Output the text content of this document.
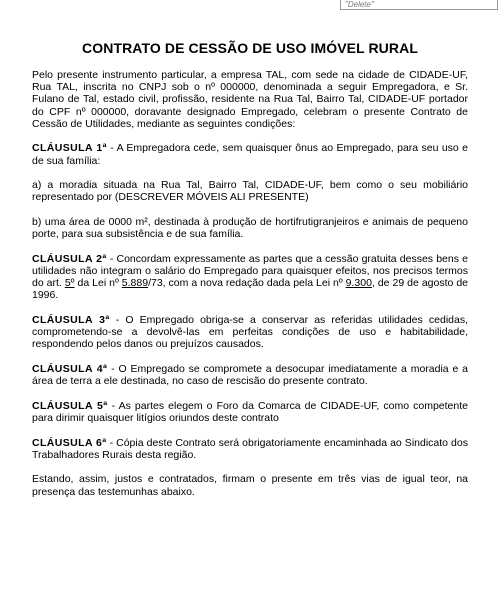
"Delete"
CONTRATO DE CESSÃO DE USO IMÓVEL RURAL

Pelo presente instrumento particular, a empresa TAL, com sede na cidade de CIDADE-UF, Rua TAL, inscrita no CNPJ sob o nº 000000, denominada a seguir Empregadora, e Sr. Fulano de Tal, estado civil, profissão, residente na Rua Tal, Bairro Tal, CIDADE-UF portador do CPF nº 000000, doravante designado Empregado, celebram o presente Contrato de Cessão de Utilidades, mediante as seguintes condições:

CLÁUSULA 1ª - A Empregadora cede, sem quaisquer ônus ao Empregado, para seu uso e de sua família:

a) a moradia situada na Rua Tal, Bairro Tal, CIDADE-UF, bem como o seu mobiliário representado por (DESCREVER MÓVEIS ALI PRESENTE)

b) uma área de 0000 m², destinada à produção de hortifrutigranjeiros e animais de pequeno porte, para sua subsistência e de sua família.

CLÁUSULA 2ª - Concordam expressamente as partes que a cessão gratuita desses bens e utilidades não integram o salário do Empregado para quaisquer efeitos, nos precisos termos do art. 5º da Lei nº 5.889/73, com a nova redação dada pela Lei nº 9.300, de 29 de agosto de 1996.

CLÁUSULA 3ª - O Empregado obriga-se a conservar as referidas utilidades cedidas, comprometendo-se a devolvê-las em perfeitas condições de uso e habitabilidade, respondendo pelos danos ou prejuízos causados.

CLÁUSULA 4ª - O Empregado se compromete a desocupar imediatamente a moradia e a área de terra a ele destinada, no caso de rescisão do presente contrato.

CLÁUSULA 5ª - As partes elegem o Foro da Comarca de CIDADE-UF, como competente para dirimir quaisquer litígios oriundos deste contrato

CLÁUSULA 6ª - Cópia deste Contrato será obrigatoriamente encaminhada ao Sindicato dos Trabalhadores Rurais desta região.

Estando, assim, justos e contratados, firmam o presente em três vias de igual teor, na presença das testemunhas abaixo.
